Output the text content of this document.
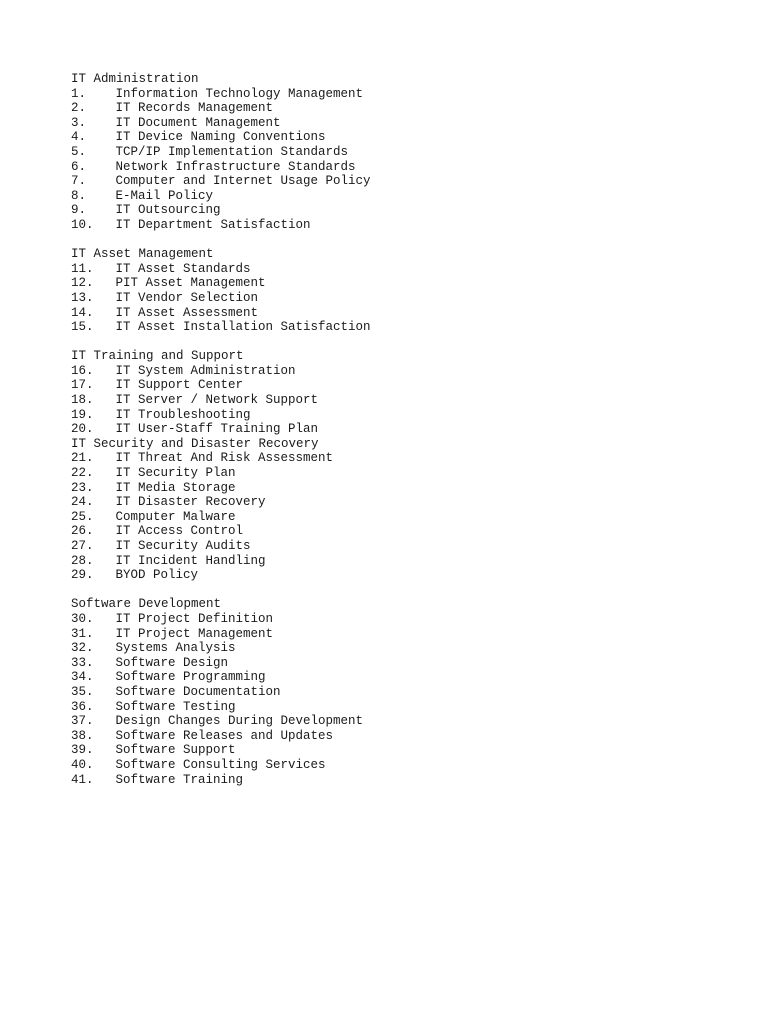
IT Administration
1.	Information Technology Management
2.	IT Records Management
3.	IT Document Management
4.	IT Device Naming Conventions
5.	TCP/IP Implementation Standards
6.	Network Infrastructure Standards
7.	Computer and Internet Usage Policy
8.	E-Mail Policy
9.	IT Outsourcing
10.	IT Department Satisfaction
IT Asset Management
11.	IT Asset Standards
12.	PIT Asset Management
13.	IT Vendor Selection
14.	IT Asset Assessment
15.	IT Asset Installation Satisfaction
IT Training and Support
16.	IT System Administration
17.	IT Support Center
18.	IT Server / Network Support
19.	IT Troubleshooting
20.	IT User-Staff Training Plan
IT Security and Disaster Recovery
21.	IT Threat And Risk Assessment
22.	IT Security Plan
23.	IT Media Storage
24.	IT Disaster Recovery
25.	Computer Malware
26.	IT Access Control
27.	IT Security Audits
28.	IT Incident Handling
29.	BYOD Policy
Software Development
30.	IT Project Definition
31.	IT Project Management
32.	Systems Analysis
33.	Software Design
34.	Software Programming
35.	Software Documentation
36.	Software Testing
37.	Design Changes During Development
38.	Software Releases and Updates
39.	Software Support
40.	Software Consulting Services
41.	Software Training
